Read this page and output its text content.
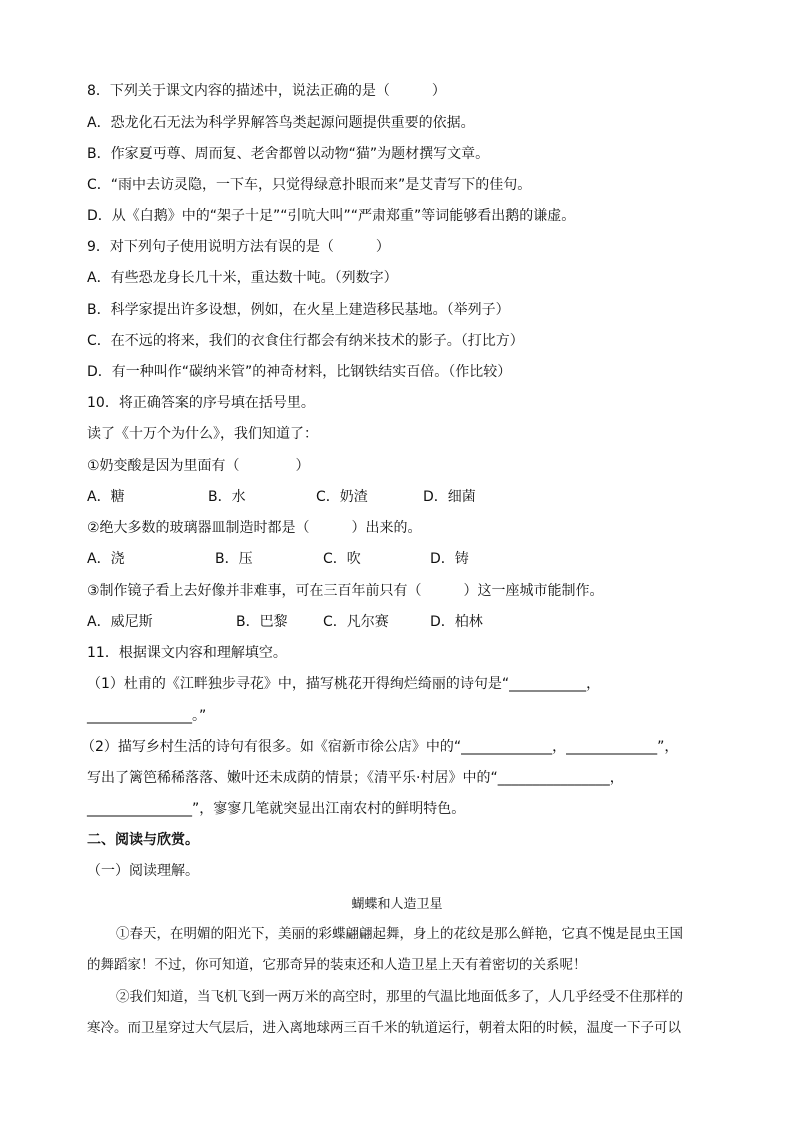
8．下列关于课文内容的描述中，说法正确的是（　　　）
A．恐龙化石无法为科学界解答鸟类起源问题提供重要的依据。
B．作家夏丏尊、周而复、老舍都曾以动物“猫”为题材撰写文章。
C．“雨中去访灵隐，一下车，只觉得绿意扑眼而来”是艾青写下的佳句。
D．从《白鹅》中的“架子十足”“引吭大叫”“严肃郑重”等词能够看出鹅的谦虚。
9．对下列句子使用说明方法有误的是（　　　）
A．有些恐龙身长几十米，重达数十吨。（列数字）
B．科学家提出许多设想，例如，在火星上建造移民基地。（举列子）
C．在不远的将来，我们的衣食住行都会有纳米技术的影子。（打比方）
D．有一种叫作“碳纳米管”的神奇材料，比钢铁结实百倍。（作比较）
10．将正确答案的序号填在括号里。
读了《十万个为什么》，我们知道了：
①奶变酸是因为里面有（　　　　）
A．糖	B．水	C．奶渣	D．细菌
②绝大多数的玻璃器皿制造时都是（　　　）出来的。
A．浇	B．压	C．吹	D．铸
③制作镜子看上去好像并非难事，可在三百年前只有（　　　）这一座城市能制作。
A．威尼斯	B．巴黎	C．凡尔赛	D．柏林
11．根据课文内容和理解填空。
（1）杜甫的《江畔独步寻花》中，描写桃花开得绚烂绮丽的诗句是“___________，
_______________。”
（2）描写乡村生活的诗句有很多。如《宿新市徐公店》中的“_____________，_____________”，
写出了篱笆稀稀落落、嫩叶还未成荫的情景；《清平乐·村居》中的“________________，
_______________”，寥寥几笔就突显出江南农村的鲜明特色。
二、阅读与欣赏。
（一）阅读理解。
蝴蝶和人造卫星
①春天，在明媚的阳光下，美丽的彩蝶翩翩起舞，身上的花纹是那么鲜艳，它真不愧是昆虫王国
的舞蹈家！不过，你可知道，它那奇异的装束还和人造卫星上天有着密切的关系呢！
②我们知道，当飞机飞到一两万米的高空时，那里的气温比地面低多了，人几乎经受不住那样的
寒冷。而卫星穿过大气层后，进入离地球两三百千米的轨道运行，朝着太阳的时候，温度一下子可以
